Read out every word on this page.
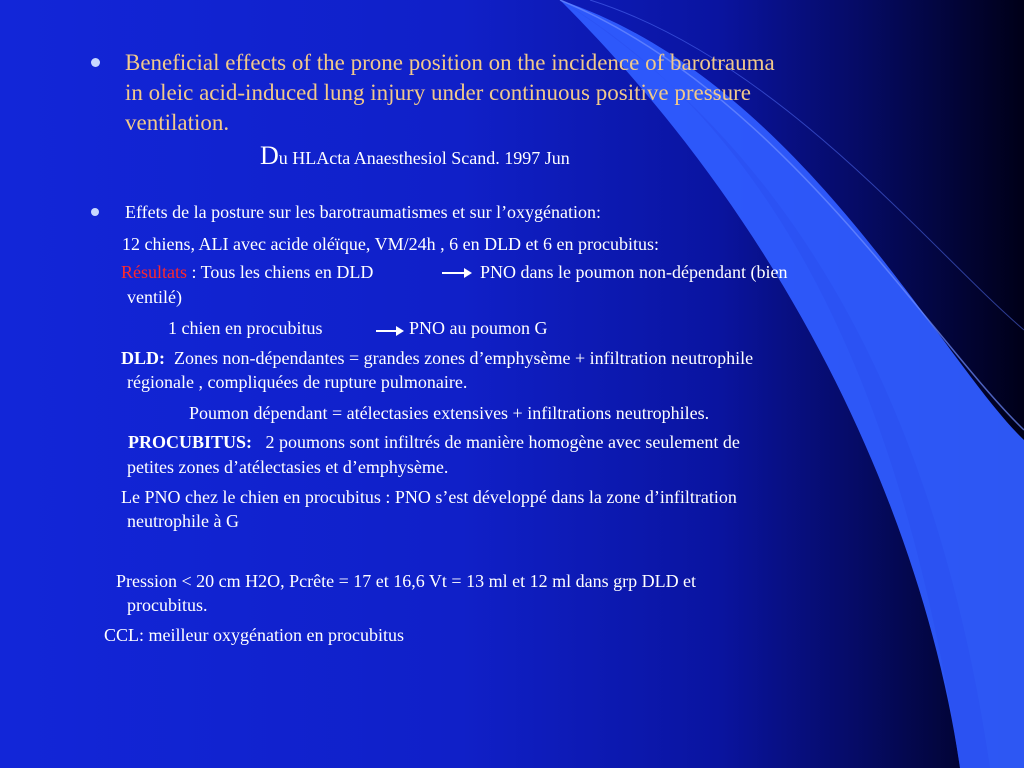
Beneficial effects of the prone position on the incidence of barotrauma
in oleic acid-induced lung injury under continuous positive pressure
ventilation.
Du HLActa Anaesthesiol Scand. 1997 Jun
Effets de la posture sur les barotraumatismes et sur l’oxygénation:
12 chiens, ALI avec acide oléïque, VM/24h , 6 en DLD et 6 en procubitus:
Résultats : Tous les chiens en DLD	PNO dans le poumon non-dépendant (bien
ventilé)
1 chien en procubitus	PNO au poumon G
DLD: Zones non-dépendantes = grandes zones d’emphysème + infiltration neutrophile
régionale , compliquées de rupture pulmonaire.
Poumon dépendant = atélectasies extensives + infiltrations neutrophiles.
PROCUBITUS: 2 poumons sont infiltrés de manière homogène avec seulement de
petites zones d’atélectasies et d’emphysème.
Le PNO chez le chien en procubitus : PNO s’est développé dans la zone d’infiltration
neutrophile à G
Pression < 20 cm H2O, Pcrête = 17 et 16,6 Vt = 13 ml et 12 ml dans grp DLD et
procubitus.
CCL: meilleur oxygénation en procubitus
